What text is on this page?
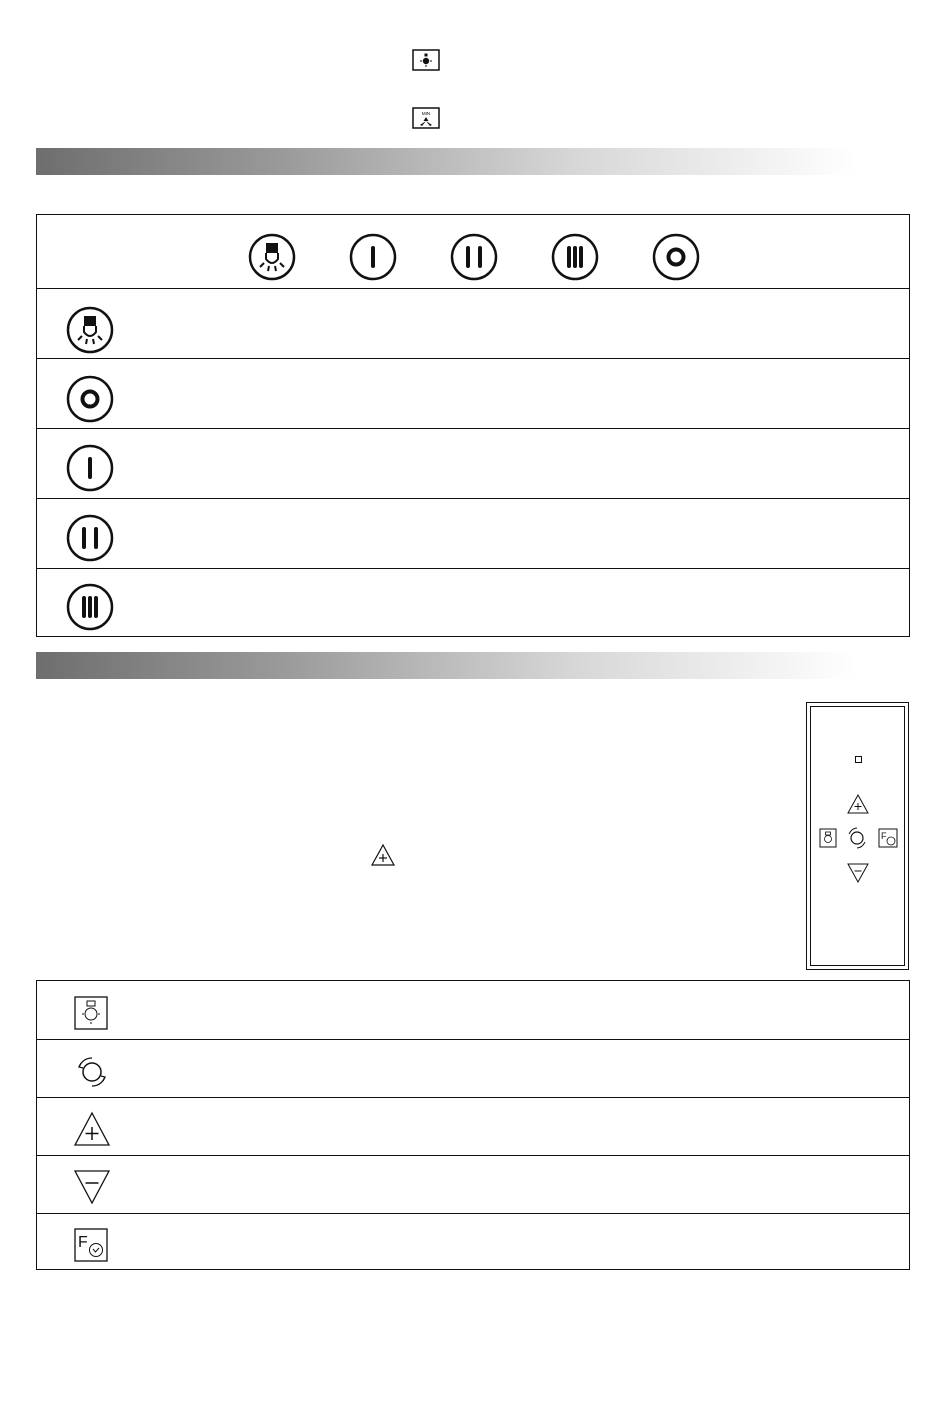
MIN
F
F
